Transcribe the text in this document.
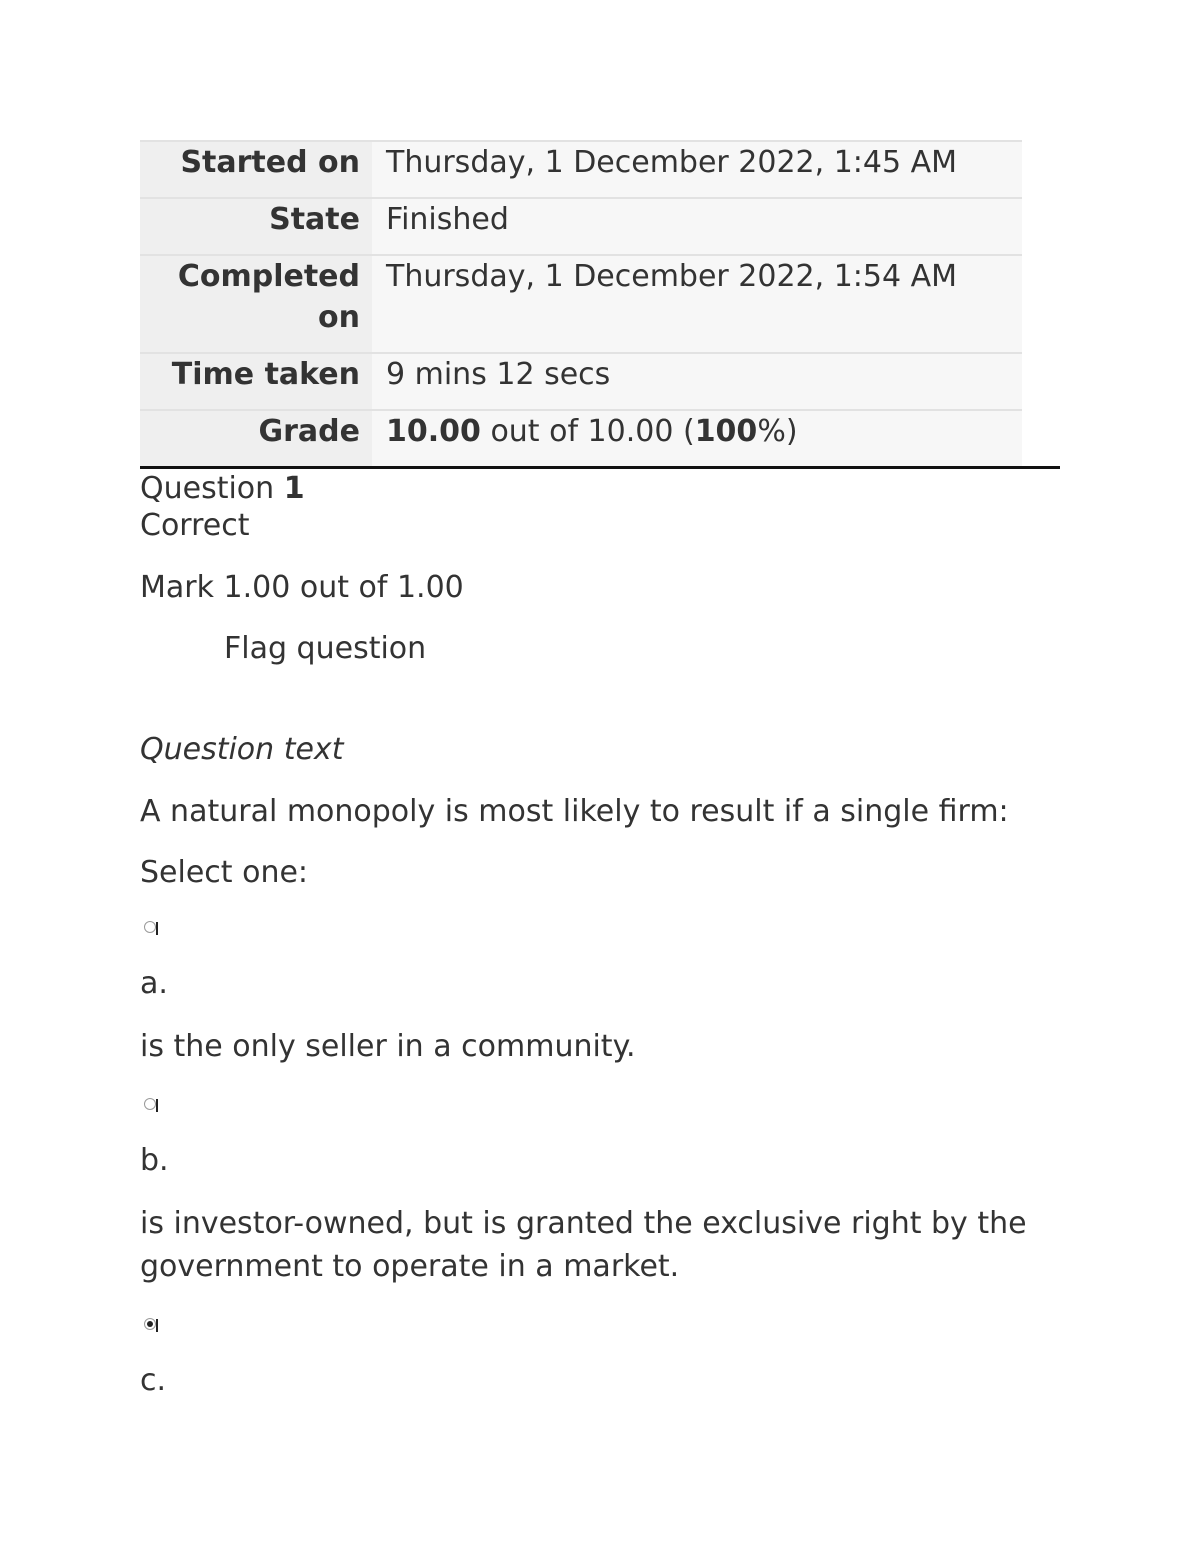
Started on	Thursday, 1 December 2022, 1:45 AM
State	Finished
Completed on	Thursday, 1 December 2022, 1:54 AM
Time taken	9 mins 12 secs
Grade	10.00 out of 10.00 (100%)
Question 1
Correct
Mark 1.00 out of 1.00
Flag question
Question text
A natural monopoly is most likely to result if a single firm:
Select one:
a.
is the only seller in a community.
b.
is investor-owned, but is granted the exclusive right by the government to operate in a market.
c.
